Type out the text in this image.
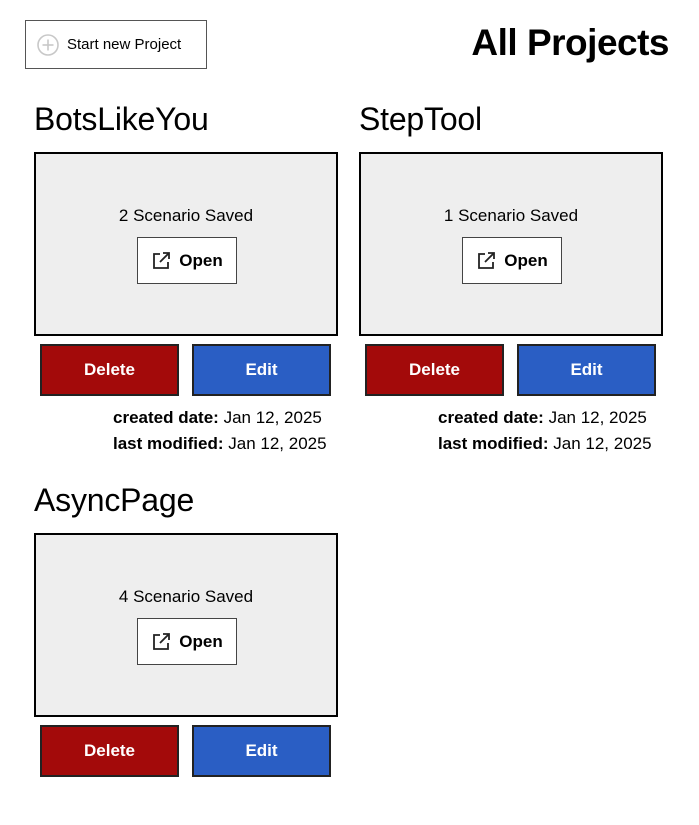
Start new Project	All Projects
BotsLikeYou
2 Scenario Saved
Open
Delete	Edit
created date: Jan 12, 2025
last modified: Jan 12, 2025
StepTool
1 Scenario Saved
Open
Delete	Edit
created date: Jan 12, 2025
last modified: Jan 12, 2025
AsyncPage
4 Scenario Saved
Open
Delete	Edit
